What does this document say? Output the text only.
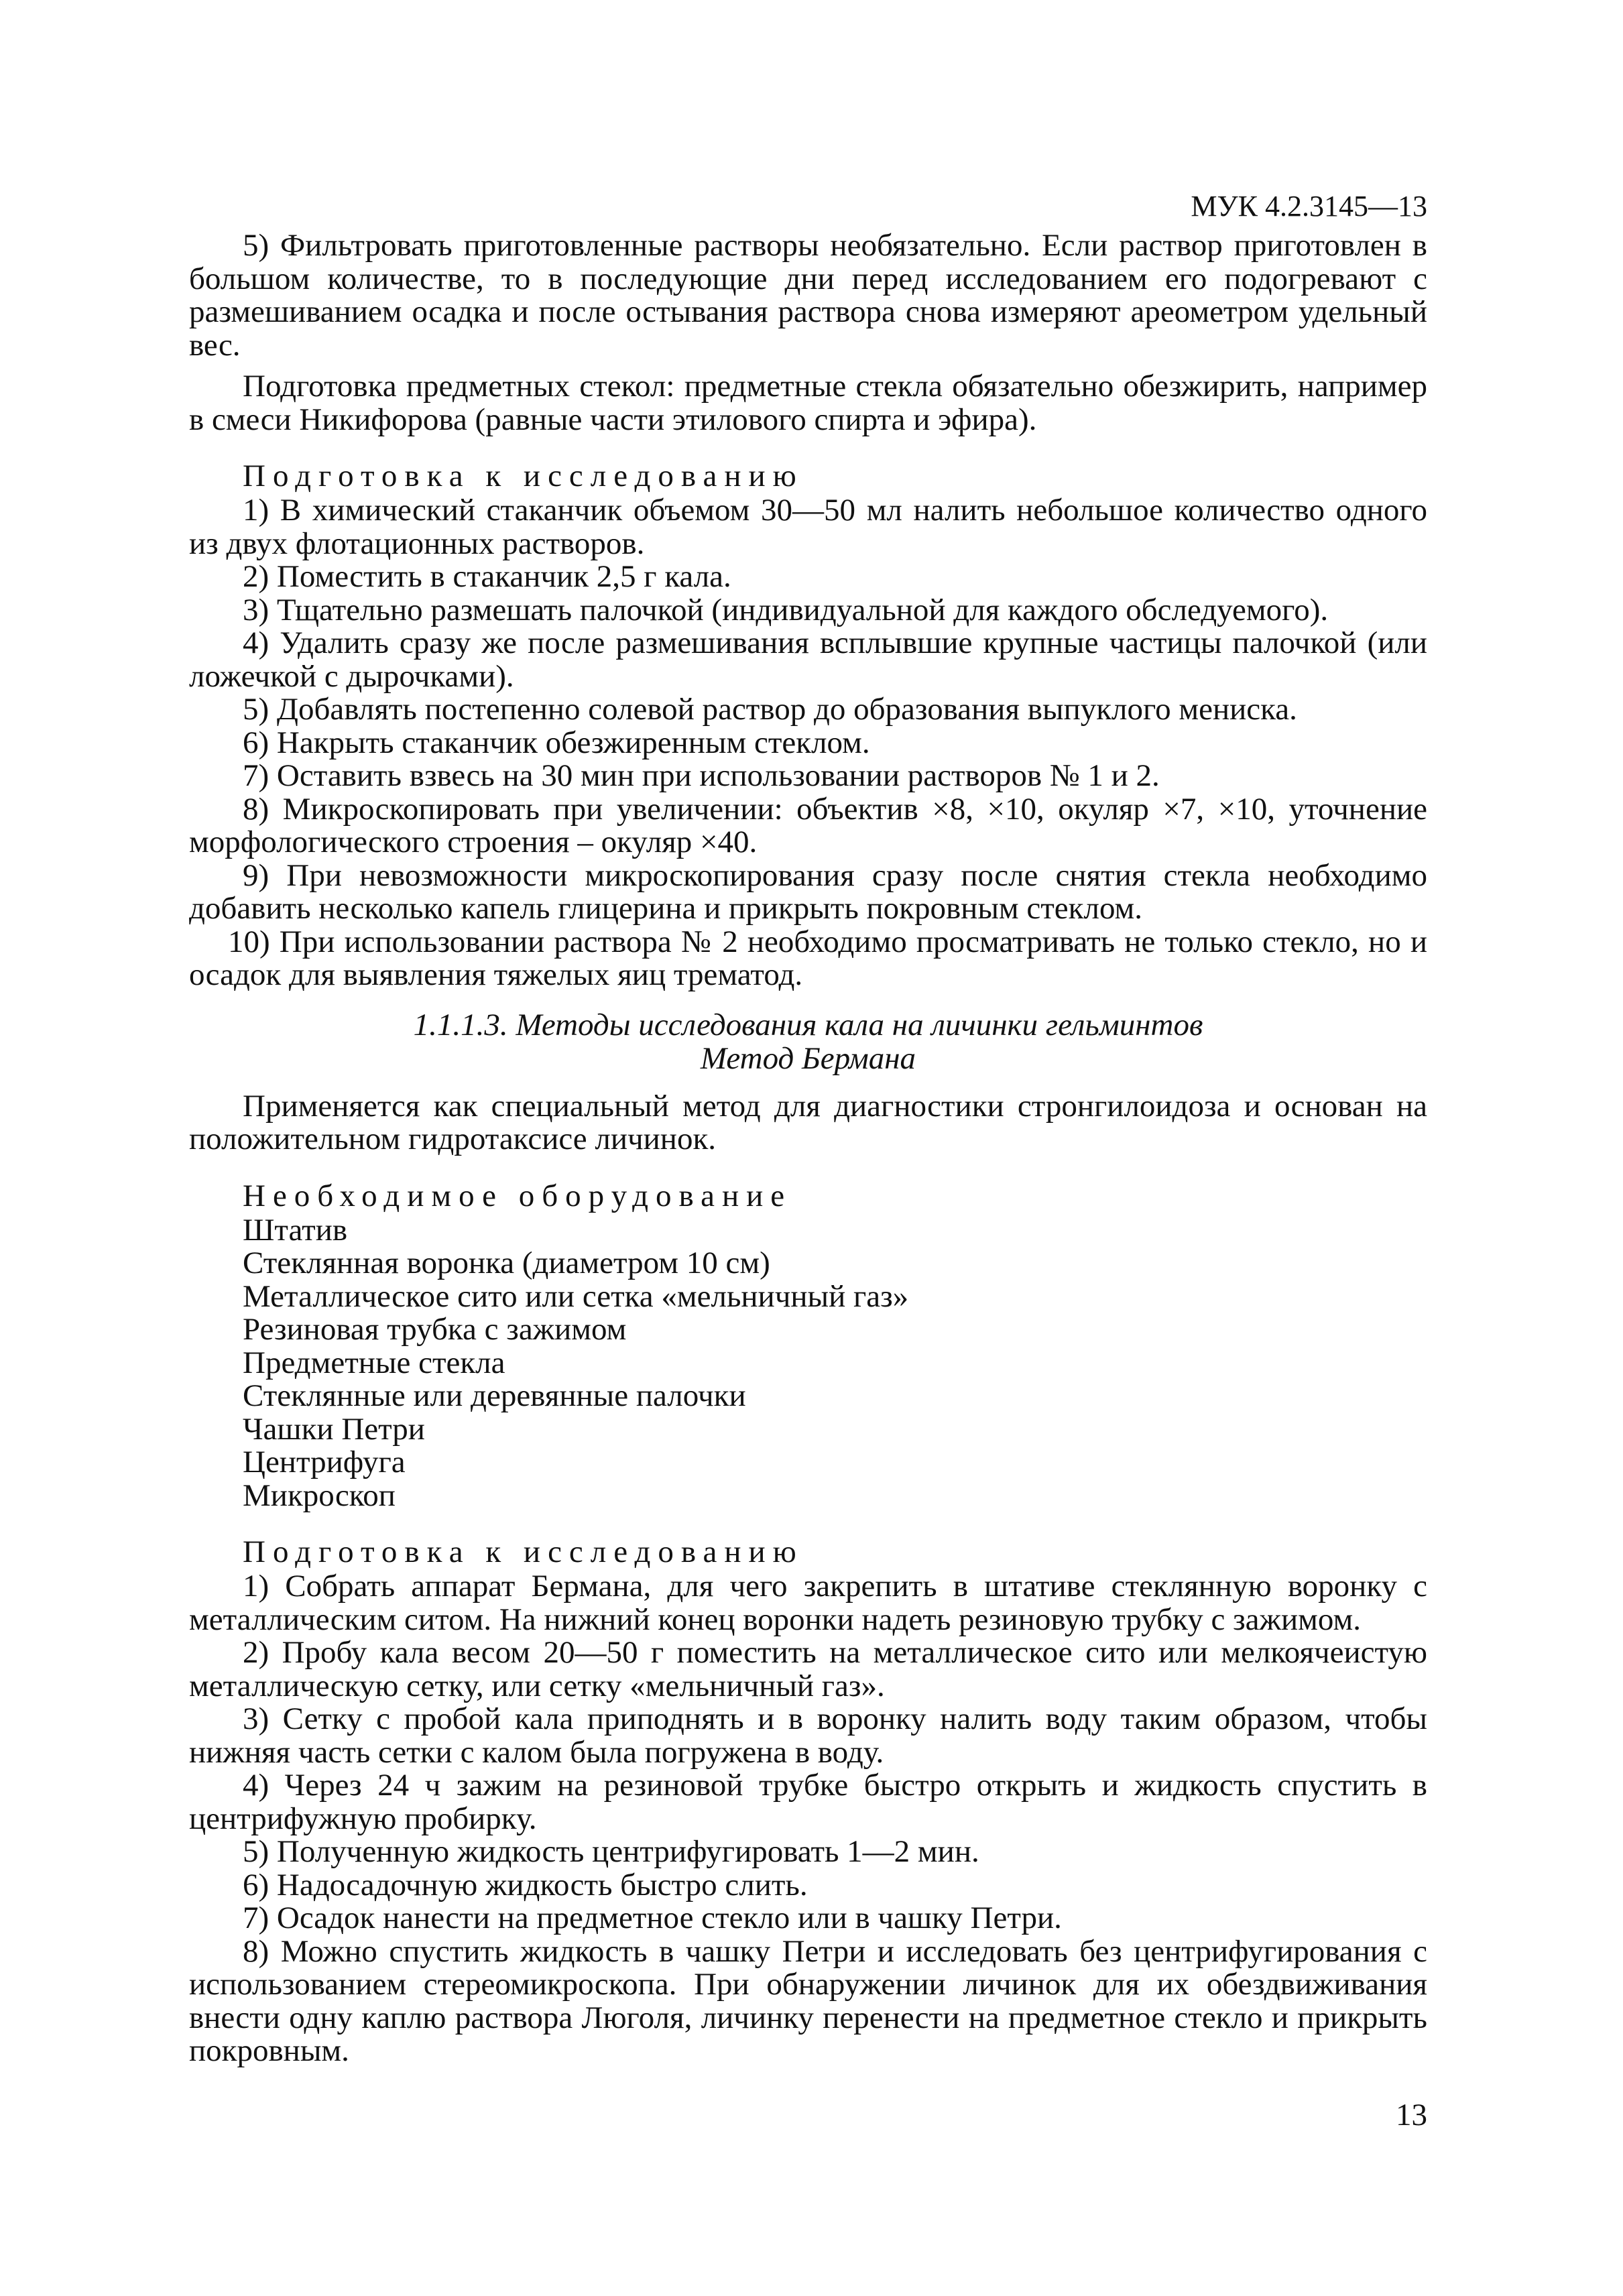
МУК 4.2.3145—13

5) Фильтровать приготовленные растворы необязательно. Если раствор приготовлен в большом количестве, то в последующие дни перед исследованием его подогревают с размешиванием осадка и после остывания раствора снова измеряют ареометром удельный вес.

Подготовка предметных стекол: предметные стекла обязательно обезжирить, например в смеси Никифорова (равные части этилового спирта и эфира).

Подготовка к исследованию

1) В химический стаканчик объемом 30—50 мл налить небольшое количество одного из двух флотационных растворов.

2) Поместить в стаканчик 2,5 г кала.

3) Тщательно размешать палочкой (индивидуальной для каждого обследуемого).

4) Удалить сразу же после размешивания всплывшие крупные частицы палочкой (или ложечкой с дырочками).

5) Добавлять постепенно солевой раствор до образования выпуклого мениска.

6) Накрыть стаканчик обезжиренным стеклом.

7) Оставить взвесь на 30 мин при использовании растворов № 1 и 2.

8) Микроскопировать при увеличении: объектив ×8, ×10, окуляр ×7, ×10, уточнение морфологического строения – окуляр ×40.

9) При невозможности микроскопирования сразу после снятия стекла необходимо добавить несколько капель глицерина и прикрыть покровным стеклом.

10) При использовании раствора № 2 необходимо просматривать не только стекло, но и осадок для выявления тяжелых яиц трематод.

1.1.1.3. Методы исследования кала на личинки гельминтов
Метод Бермана

Применяется как специальный метод для диагностики стронгилоидоза и основан на положительном гидротаксисе личинок.

Необходимое оборудование
Штатив
Стеклянная воронка (диаметром 10 см)
Металлическое сито или сетка «мельничный газ»
Резиновая трубка с зажимом
Предметные стекла
Стеклянные или деревянные палочки
Чашки Петри
Центрифуга
Микроскоп
Подготовка к исследованию

1) Собрать аппарат Бермана, для чего закрепить в штативе стеклянную воронку с металлическим ситом. На нижний конец воронки надеть резиновую трубку с зажимом.

2) Пробу кала весом 20—50 г поместить на металлическое сито или мелкоячеистую металлическую сетку, или сетку «мельничный газ».

3) Сетку с пробой кала приподнять и в воронку налить воду таким образом, чтобы нижняя часть сетки с калом была погружена в воду.

4) Через 24 ч зажим на резиновой трубке быстро открыть и жидкость спустить в центрифужную пробирку.

5) Полученную жидкость центрифугировать 1—2 мин.

6) Надосадочную жидкость быстро слить.

7) Осадок нанести на предметное стекло или в чашку Петри.

8) Можно спустить жидкость в чашку Петри и исследовать без центрифугирования с использованием стереомикроскопа. При обнаружении личинок для их обездвиживания внести одну каплю раствора Люголя, личинку перенести на предметное стекло и прикрыть покровным.

13
